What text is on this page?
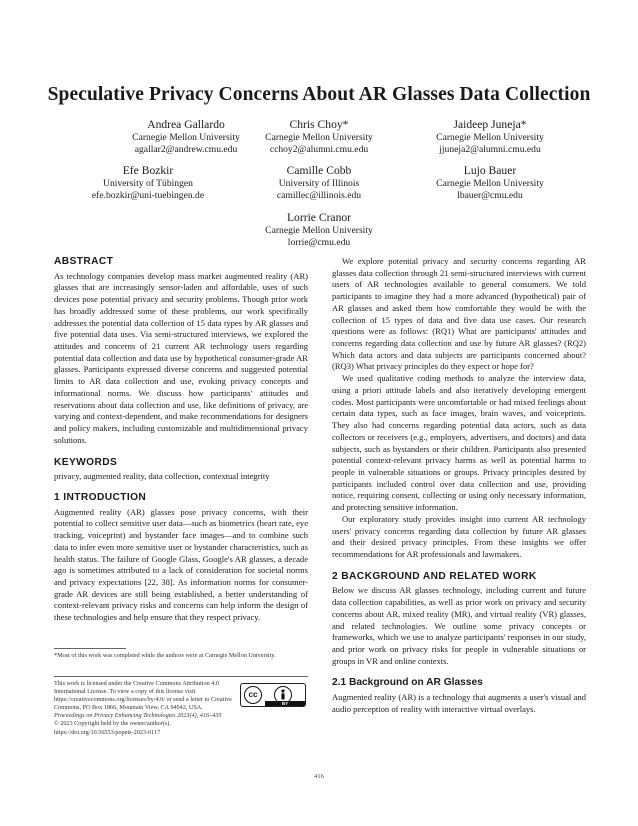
Speculative Privacy Concerns About AR Glasses Data Collection
Andrea Gallardo
Carnegie Mellon University
agallar2@andrew.cmu.edu
Chris Choy*
Carnegie Mellon University
cchoy2@alumni.cmu.edu
Jaideep Juneja*
Carnegie Mellon University
jjuneja2@alumni.cmu.edu
Efe Bozkir
University of Tübingen
efe.bozkir@uni-tuebingen.de
Camille Cobb
University of Illinois
camillec@illinois.edu
Lujo Bauer
Carnegie Mellon University
lbauer@cmu.edu
Lorrie Cranor
Carnegie Mellon University
lorrie@cmu.edu
ABSTRACT

As technology companies develop mass market augmented reality (AR) glasses that are increasingly sensor-laden and affordable, uses of such devices pose potential privacy and security problems. Though prior work has broadly addressed some of these problems, our work specifically addresses the potential data collection of 15 data types by AR glasses and five potential data uses. Via semi-structured interviews, we explored the attitudes and concerns of 21 current AR technology users regarding potential data collection and data use by hypothetical consumer-grade AR glasses. Participants expressed diverse concerns and suggested potential limits to AR data collection and use, evoking privacy concepts and informational norms. We discuss how participants' attitudes and reservations about data collection and use, like definitions of privacy, are varying and context-dependent, and make recommendations for designers and policy makers, including customizable and multidimensional privacy solutions.

KEYWORDS

privacy, augmented reality, data collection, contextual integrity

1 INTRODUCTION

Augmented reality (AR) glasses pose privacy concerns, with their potential to collect sensitive user data—such as biometrics (heart rate, eye tracking, voiceprint) and bystander face images—and to combine such data to infer even more sensitive user or bystander characteristics, such as health status. The failure of Google Glass, Google's AR glasses, a decade ago is sometimes attributed to a lack of consideration for societal norms and privacy expectations [22, 38]. As information norms for consumer-grade AR devices are still being established, a better understanding of context-relevant privacy risks and concerns can help inform the design of these technologies and help ensure that they respect privacy.

*Most of this work was completed while the authors were at Carnegie Mellon University.

This work is licensed under the Creative Commons Attribution 4.0 International License. To view a copy of this license visit https://creativecommons.org/licenses/by/4.0/ or send a letter to Creative Commons, PO Box 1866, Mountain View, CA 94042, USA.

Proceedings on Privacy Enhancing Technologies 2023(4), 416–435

© 2023 Copyright held by the owner/author(s).

https://doi.org/10.56553/popets-2023-0117

cc
BY

We explore potential privacy and security concerns regarding AR glasses data collection through 21 semi-structured interviews with current users of AR technologies available to general consumers. We told participants to imagine they had a more advanced (hypothetical) pair of AR glasses and asked them how comfortable they would be with the collection of 15 types of data and five data use cases. Our research questions were as follows: (RQ1) What are participants' attitudes and concerns regarding data collection and use by future AR glasses? (RQ2) Which data actors and data subjects are participants concerned about? (RQ3) What privacy principles do they expect or hope for?

We used qualitative coding methods to analyze the interview data, using a priori attitude labels and also iteratively developing emergent codes. Most participants were uncomfortable or had mixed feelings about certain data types, such as face images, brain waves, and voiceprints. They also had concerns regarding potential data actors, such as data collectors or receivers (e.g., employers, advertisers, and doctors) and data subjects, such as bystanders or their children. Participants also presented potential context-relevant privacy harms as well as potential harms to people in vulnerable situations or groups. Privacy principles desired by participants included control over data collection and use, providing notice, requiring consent, collecting or using only necessary information, and protecting sensitive information.

Our exploratory study provides insight into current AR technology users' privacy concerns regarding data collection by future AR glasses and their desired privacy principles. From these insights we offer recommendations for AR professionals and lawmakers.

2 BACKGROUND AND RELATED WORK

Below we discuss AR glasses technology, including current and future data collection capabilities, as well as prior work on privacy and security concerns about AR, mixed reality (MR), and virtual reality (VR) glasses, and related technologies. We outline some privacy concepts or frameworks, which we use to analyze participants' responses in our study, and prior work on privacy risks for people in vulnerable situations or groups in VR and online contexts.

2.1 Background on AR Glasses

Augmented reality (AR) is a technology that augments a user's visual and audio perception of reality with interactive virtual overlays.

416
